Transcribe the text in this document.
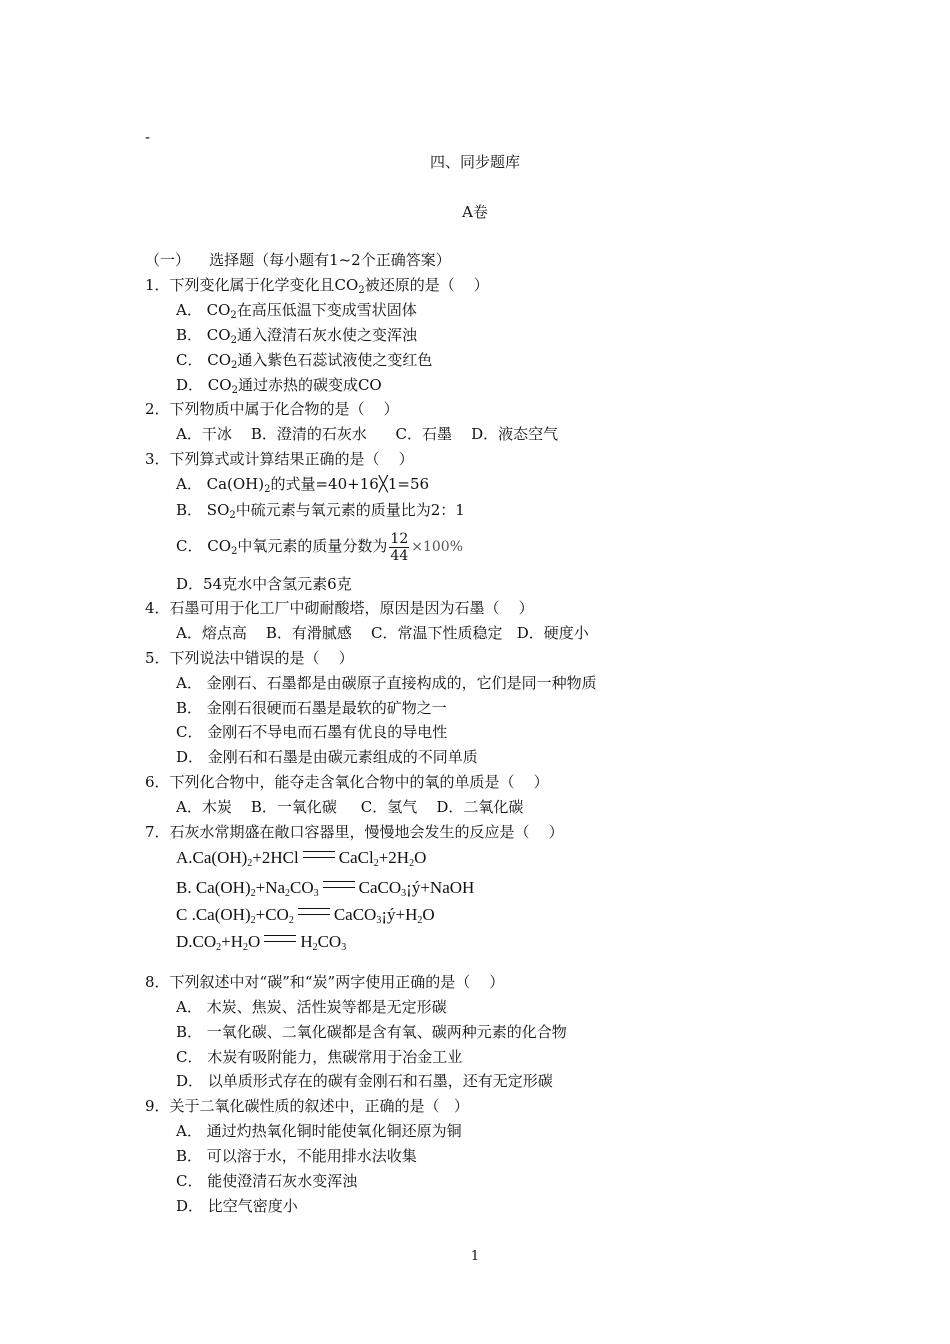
-
四、同步题库
A卷
（一）    选择题（每小题有1~2个正确答案）
1．下列变化属于化学变化且$CO_2$被还原的是（    ）
A． $CO_2$在高压低温下变成雪状固体
B． $CO_2$通入澄清石灰水使之变浑浊
C． $CO_2$通入紫色石蕊试液使之变红色
D． $CO_2$通过赤热的碳变成CO
2．下列物质中属于化合物的是（    ）
A．干冰    B．澄清的石灰水      C．石墨    D．液态空气
3．下列算式或计算结果正确的是（    ）
A． $Ca(OH)_2$的式量=40+16╳1=56
B． $SO_2$中硫元素与氧元素的质量比为2：1
C． $CO_2$中氧元素的质量分数为 $\frac{12}{44} \times 100\%$
D．54克水中含氢元素6克
4．石墨可用于化工厂中砌耐酸塔，原因是因为石墨（    ）
A．熔点高    B．有滑腻感    C．常温下性质稳定   D．硬度小
5．下列说法中错误的是（    ）
A． 金刚石、石墨都是由碳原子直接构成的，它们是同一种物质
B． 金刚石很硬而石墨是最软的矿物之一
C． 金刚石不导电而石墨有优良的导电性
D． 金刚石和石墨是由碳元素组成的不同单质
6．下列化合物中，能夺走含氧化合物中的氧的单质是（    ）
A．木炭    B．一氧化碳     C．氢气    D．二氧化碳
7．石灰水常期盛在敞口容器里，慢慢地会发生的反应是（    ）
$A.Ca(OH)_2+2HCl$ $CaCl_2+2H_2O$
B. $Ca(OH)_2+Na_2CO_3$ CaCO$_3$¡ý+NaOH
C $.Ca(OH)_2+CO_2$ $CaCO_3¡ý+H_2O$
$D.CO_2+H_2O$ $H_2CO_3$
8．下列叙述中对“碳”和“炭”两字使用正确的是（    ）
A． 木炭、焦炭、活性炭等都是无定形碳
B． 一氧化碳、二氧化碳都是含有氧、碳两种元素的化合物
C． 木炭有吸附能力，焦碳常用于冶金工业
D． 以单质形式存在的碳有金刚石和石墨，还有无定形碳
9．关于二氧化碳性质的叙述中，正确的是（   ）
A． 通过灼热氧化铜时能使氧化铜还原为铜
B． 可以溶于水，不能用排水法收集
C． 能使澄清石灰水变浑浊
D． 比空气密度小
1
